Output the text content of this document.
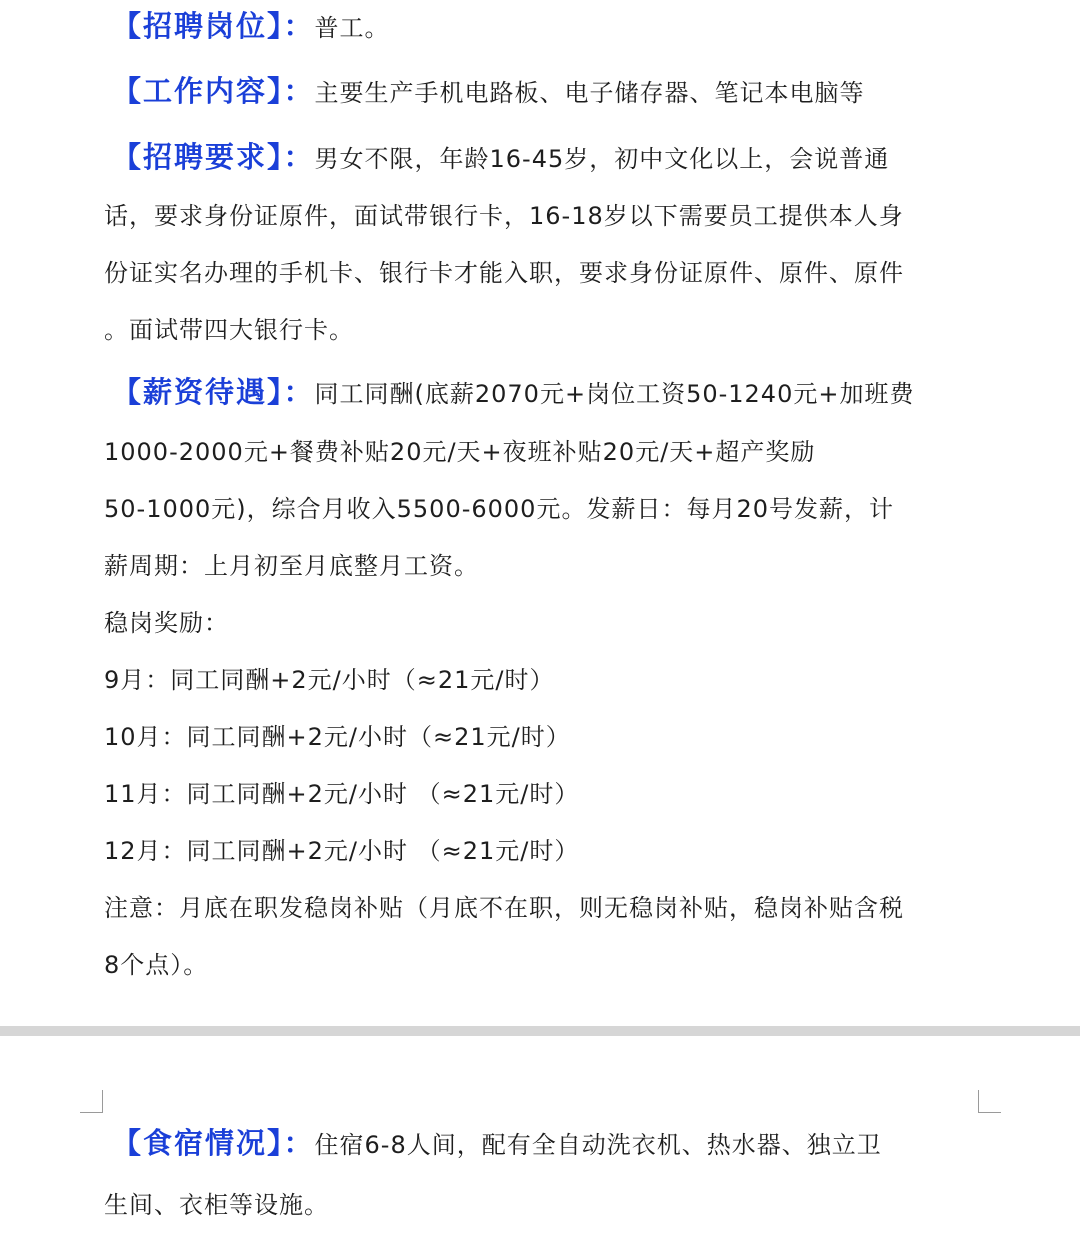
【招聘岗位】：普工。
【工作内容】：主要生产手机电路板、电子储存器、笔记本电脑等
【招聘要求】：男女不限，年龄16-45岁，初中文化以上，会说普通
话，要求身份证原件，面试带银行卡，16-18岁以下需要员工提供本人身
份证实名办理的手机卡、银行卡才能入职，要求身份证原件、原件、原件
。面试带四大银行卡。
【薪资待遇】：同工同酬(底薪2070元+岗位工资50-1240元+加班费
1000-2000元+餐费补贴20元/天+夜班补贴20元/天+超产奖励
50-1000元)，综合月收入5500-6000元。发薪日：每月20号发薪，计
薪周期：上月初至月底整月工资。
稳岗奖励：
9月：同工同酬+2元/小时（≈21元/时）
10月：同工同酬+2元/小时（≈21元/时）
11月：同工同酬+2元/小时 （≈21元/时）
12月：同工同酬+2元/小时 （≈21元/时）
注意：月底在职发稳岗补贴（月底不在职，则无稳岗补贴，稳岗补贴含税
8个点）。
【食宿情况】：住宿6-8人间，配有全自动洗衣机、热水器、独立卫
生间、衣柜等设施。
